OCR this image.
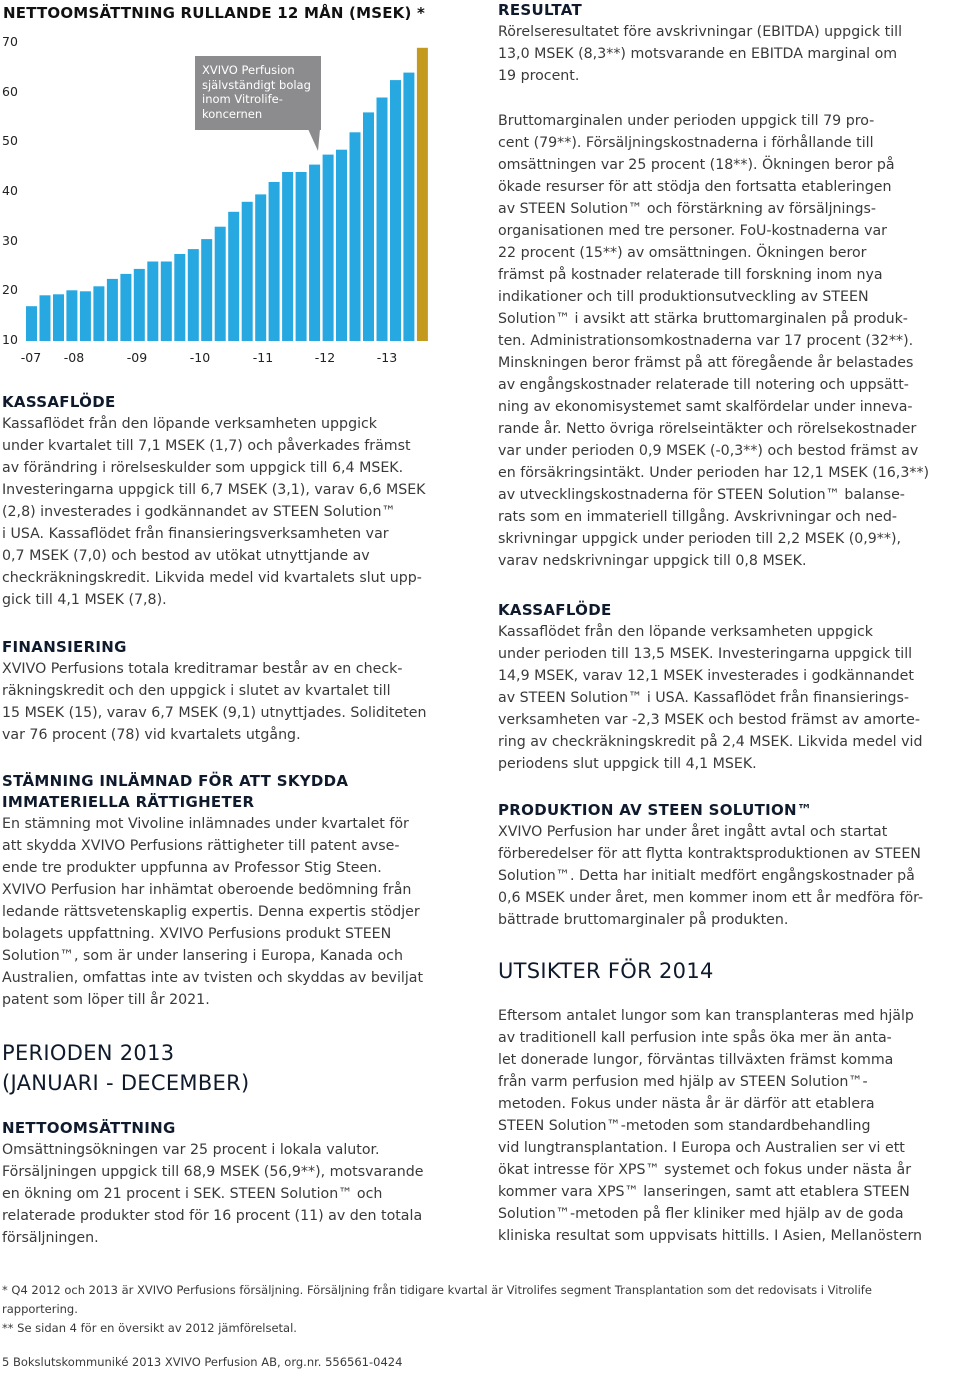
NETTOOMSÄTTNING RULLANDE 12 MÅN (MSEK) *
70
60
50
40
30
20
10
-07 -08	-09	-10	-11	-12	-13
XVIVO Perfusion
självständigt bolag
inom Vitrolife-
koncernen
KASSAFLÖDE

Kassaflödet från den löpande verksamheten uppgick

under kvartalet till 7,1 MSEK (1,7) och påverkades främst

av förändring i rörelseskulder som uppgick till 6,4 MSEK.

Investeringarna uppgick till 6,7 MSEK (3,1), varav 6,6 MSEK

(2,8) investerades i godkännandet av STEEN Solution™

i USA. Kassaflödet från finansieringsverksamheten var

0,7 MSEK (7,0) och bestod av utökat utnyttjande av

checkräkningskredit. Likvida medel vid kvartalets slut upp-

gick till 4,1 MSEK (7,8).

FINANSIERING

XVIVO Perfusions totala kreditramar består av en check-

räkningskredit och den uppgick i slutet av kvartalet till

15 MSEK (15), varav 6,7 MSEK (9,1) utnyttjades. Soliditeten

var 76 procent (78) vid kvartalets utgång.

STÄMNING INLÄMNAD FÖR ATT SKYDDA
IMMATERIELLA RÄTTIGHETER

En stämning mot Vivoline inlämnades under kvartalet för

att skydda XVIVO Perfusions rättigheter till patent avse-

ende tre produkter uppfunna av Professor Stig Steen.

XVIVO Perfusion har inhämtat oberoende bedömning från

ledande rättsvetenskaplig expertis. Denna expertis stödjer

bolagets uppfattning. XVIVO Perfusions produkt STEEN

Solution™, som är under lansering i Europa, Kanada och

Australien, omfattas inte av tvisten och skyddas av beviljat

patent som löper till år 2021.

PERIODEN 2013
(JANUARI - DECEMBER)
NETTOOMSÄTTNING

Omsättningsökningen var 25 procent i lokala valutor.

Försäljningen uppgick till 68,9 MSEK (56,9**), motsvarande

en ökning om 21 procent i SEK. STEEN Solution™ och

relaterade produkter stod för 16 procent (11) av den totala

försäljningen.

RESULTAT

Rörelseresultatet före avskrivningar (EBITDA) uppgick till

13,0 MSEK (8,3**) motsvarande en EBITDA marginal om

19 procent.

Bruttomarginalen under perioden uppgick till 79 pro-

cent (79**). Försäljningskostnaderna i förhållande till

omsättningen var 25 procent (18**). Ökningen beror på

ökade resurser för att stödja den fortsatta etableringen

av STEEN Solution™ och förstärkning av försäljnings-

organisationen med tre personer. FoU-kostnaderna var

22 procent (15**) av omsättningen. Ökningen beror

främst på kostnader relaterade till forskning inom nya

indikationer och till produktionsutveckling av STEEN

Solution™ i avsikt att stärka bruttomarginalen på produk-

ten. Administrationsomkostnaderna var 17 procent (32**).

Minskningen beror främst på att föregående år belastades

av engångskostnader relaterade till notering och uppsätt-

ning av ekonomisystemet samt skalfördelar under inneva-

rande år. Netto övriga rörelseintäkter och rörelsekostnader

var under perioden 0,9 MSEK (-0,3**) och bestod främst av

en försäkringsintäkt. Under perioden har 12,1 MSEK (16,3**)

av utvecklingskostnaderna för STEEN Solution™ balanse-

rats som en immateriell tillgång. Avskrivningar och ned-

skrivningar uppgick under perioden till 2,2 MSEK (0,9**),

varav nedskrivningar uppgick till 0,8 MSEK.

KASSAFLÖDE

Kassaflödet från den löpande verksamheten uppgick

under perioden till 13,5 MSEK. Investeringarna uppgick till

14,9 MSEK, varav 12,1 MSEK investerades i godkännandet

av STEEN Solution™ i USA. Kassaflödet från finansierings-

verksamheten var -2,3 MSEK och bestod främst av amorte-

ring av checkräkningskredit på 2,4 MSEK. Likvida medel vid

periodens slut uppgick till 4,1 MSEK.

PRODUKTION AV STEEN SOLUTION™

XVIVO Perfusion har under året ingått avtal och startat

förberedelser för att flytta kontraktsproduktionen av STEEN

Solution™. Detta har initialt medfört engångskostnader på

0,6 MSEK under året, men kommer inom ett år medföra för-

bättrade bruttomarginaler på produkten.

UTSIKTER FÖR 2014

Eftersom antalet lungor som kan transplanteras med hjälp

av traditionell kall perfusion inte spås öka mer än anta-

let donerade lungor, förväntas tillväxten främst komma

från varm perfusion med hjälp av STEEN Solution™-

metoden. Fokus under nästa år är därför att etablera

STEEN Solution™-metoden som standardbehandling

vid lungtransplantation. I Europa och Australien ser vi ett

ökat intresse för XPS™ systemet och fokus under nästa år

kommer vara XPS™ lanseringen, samt att etablera STEEN

Solution™-metoden på fler kliniker med hjälp av de goda

kliniska resultat som uppvisats hittills. I Asien, Mellanöstern

* Q4 2012 och 2013 är XVIVO Perfusions försäljning. Försäljning från tidigare kvartal är Vitrolifes segment Transplantation som det redovisats i Vitrolife
rapportering.
** Se sidan 4 för en översikt av 2012 jämförelsetal.
5 Bokslutskommuniké 2013 XVIVO Perfusion AB, org.nr. 556561-0424
